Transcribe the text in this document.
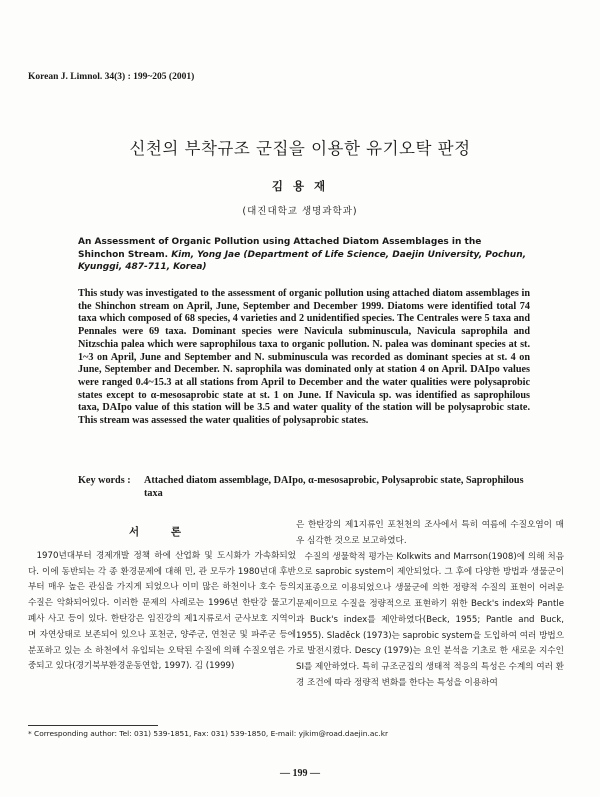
Korean J. Limnol. 34(3) : 199~205 (2001)
신천의 부착규조 군집을 이용한 유기오탁 판정
김 용 재
(대진대학교 생명과학과)
An Assessment of Organic Pollution using Attached Diatom Assemblages in the Shinchon Stream. Kim, Yong Jae (Department of Life Science, Daejin University, Pochun, Kyunggi, 487-711, Korea)

This study was investigated to the assessment of organic pollution using attached diatom assemblages in the Shinchon stream on April, June, September and December 1999. Diatoms were identified total 74 taxa which composed of 68 species, 4 varieties and 2 unidentified species. The Centrales were 5 taxa and Pennales were 69 taxa. Dominant species were Navicula subminuscula, Navicula saprophila and Nitzschia palea which were saprophilous taxa to organic pollution. N. palea was dominant species at st. 1~3 on April, June and September and N. subminuscula was recorded as dominant species at st. 4 on June, September and December. N. saprophila was dominated only at station 4 on April. DAIpo values were ranged 0.4~15.3 at all stations from April to December and the water qualities were polysaprobic states except to α-mesosaprobic state at st. 1 on June. If Navicula sp. was identified as saprophilous taxa, DAIpo value of this station will be 3.5 and water quality of the station will be polysaprobic state. This stream was assessed the water qualities of polysaprobic states.

Key words :	Attached diatom assemblage, DAIpo, α-mesosaprobic, Polysaprobic state, Saprophilous taxa
서 론

1970년대부터 경제개발 정책 하에 산업화 및 도시화가 가속화되었다. 이에 동반되는 각 종 환경문제에 대해 민, 관 모두가 1980년대 후반부터 매우 높은 관심을 가지게 되었으나 이미 많은 하천이나 호수 등의 수질은 악화되어있다. 이러한 문제의 사례로는 1996년 한탄강 물고기 폐사 사고 등이 있다. 한탄강은 임진강의 제1지류로서 군사보호 지역이며 자연상태로 보존되어 있으나 포천군, 양주군, 연천군 및 파주군 등에 분포하고 있는 소 하천에서 유입되는 오탁된 수질에 의해 수질오염은 가중되고 있다(경기북부환경운동연합, 1997). 김 (1999)

은 한탄강의 제1지류인 포천천의 조사에서 특히 여름에 수질오염이 매우 심각한 것으로 보고하였다.

수질의 생물학적 평가는 Kolkwits and Marrson(1908)에 의해 처음으로 saprobic system이 제안되었다. 그 후에 다양한 방법과 생물군이 지표종으로 이용되었으나 생물군에 의한 정량적 수질의 표현이 어려운 문제이므로 수질을 정량적으로 표현하기 위한 Beck's index와 Pantle과 Buck's index를 제안하였다(Beck, 1955; Pantle and Buck, 1955). Sladěck (1973)는 saprobic system을 도입하여 여러 방법으로 발전시켰다. Descy (1979)는 요인 분석을 기초로 한 새로운 지수인 SI를 제안하였다. 특히 규조군집의 생태적 적응의 특성은 수계의 여러 환경 조건에 따라 정량적 변화를 한다는 특성을 이용하여

* Corresponding author: Tel: 031) 539-1851, Fax: 031) 539-1850, E-mail: yjkim@road.daejin.ac.kr
— 199 —
